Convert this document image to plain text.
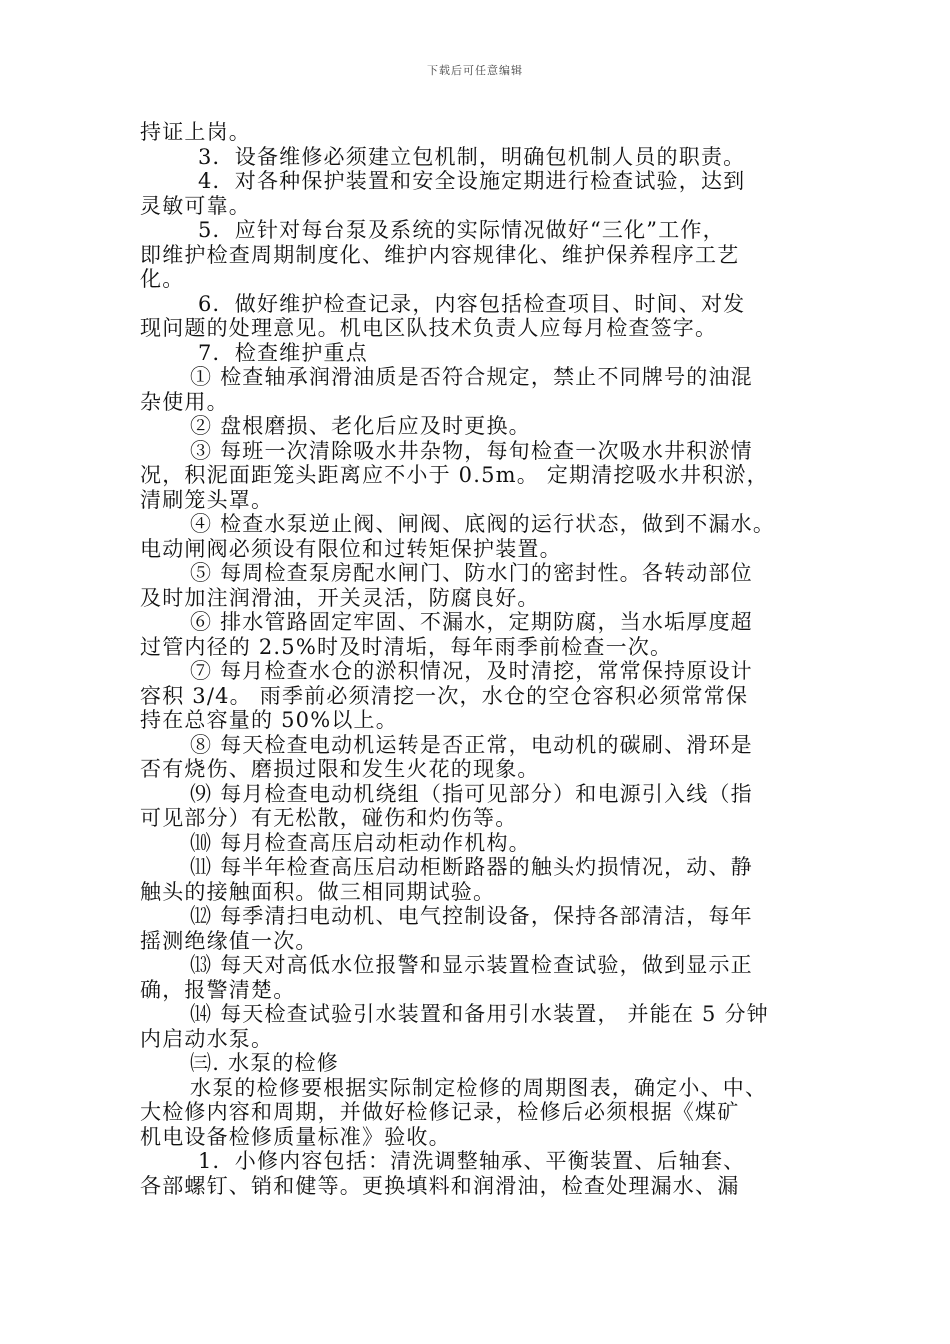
下载后可任意编辑
持证上岗。
3．设备维修必须建立包机制，明确包机制人员的职责。
4．对各种保护装置和安全设施定期进行检查试验，达到
灵敏可靠。
5．应针对每台泵及系统的实际情况做好“三化”工作，
即维护检查周期制度化、维护内容规律化、维护保养程序工艺
化。
6．做好维护检查记录，内容包括检查项目、时间、对发
现问题的处理意见。机电区队技术负责人应每月检查签字。
7．检查维护重点
① 检查轴承润滑油质是否符合规定，禁止不同牌号的油混
杂使用。
② 盘根磨损、老化后应及时更换。
③ 每班一次清除吸水井杂物，每旬检查一次吸水井积淤情
况，积泥面距笼头距离应不小于 0.5m。 定期清挖吸水井积淤，
清刷笼头罩。
④ 检查水泵逆止阀、闸阀、底阀的运行状态，做到不漏水。
电动闸阀必须设有限位和过转矩保护装置。
⑤ 每周检查泵房配水闸门、防水门的密封性。各转动部位
及时加注润滑油，开关灵活，防腐良好。
⑥ 排水管路固定牢固、不漏水，定期防腐，当水垢厚度超
过管内径的 2.5%时及时清垢，每年雨季前检查一次。
⑦ 每月检查水仓的淤积情况，及时清挖，常常保持原设计
容积 3/4。 雨季前必须清挖一次，水仓的空仓容积必须常常保
持在总容量的 50%以上。
⑧ 每天检查电动机运转是否正常，电动机的碳刷、滑环是
否有烧伤、磨损过限和发生火花的现象。
⑼ 每月检查电动机绕组（指可见部分）和电源引入线（指
可见部分）有无松散，碰伤和灼伤等。
⑽ 每月检查高压启动柜动作机构。
⑾ 每半年检查高压启动柜断路器的触头灼损情况，动、静
触头的接触面积。做三相同期试验。
⑿ 每季清扫电动机、电气控制设备，保持各部清洁，每年
摇测绝缘值一次。
⒀ 每天对高低水位报警和显示装置检查试验，做到显示正
确，报警清楚。
⒁ 每天检查试验引水装置和备用引水装置， 并能在 5 分钟
内启动水泵。
㈢. 水泵的检修
水泵的检修要根据实际制定检修的周期图表，确定小、中、
大检修内容和周期，并做好检修记录，检修后必须根据《煤矿
机电设备检修质量标准》验收。
1．小修内容包括：清洗调整轴承、平衡装置、后轴套、
各部螺钉、销和健等。更换填料和润滑油，检查处理漏水、漏
